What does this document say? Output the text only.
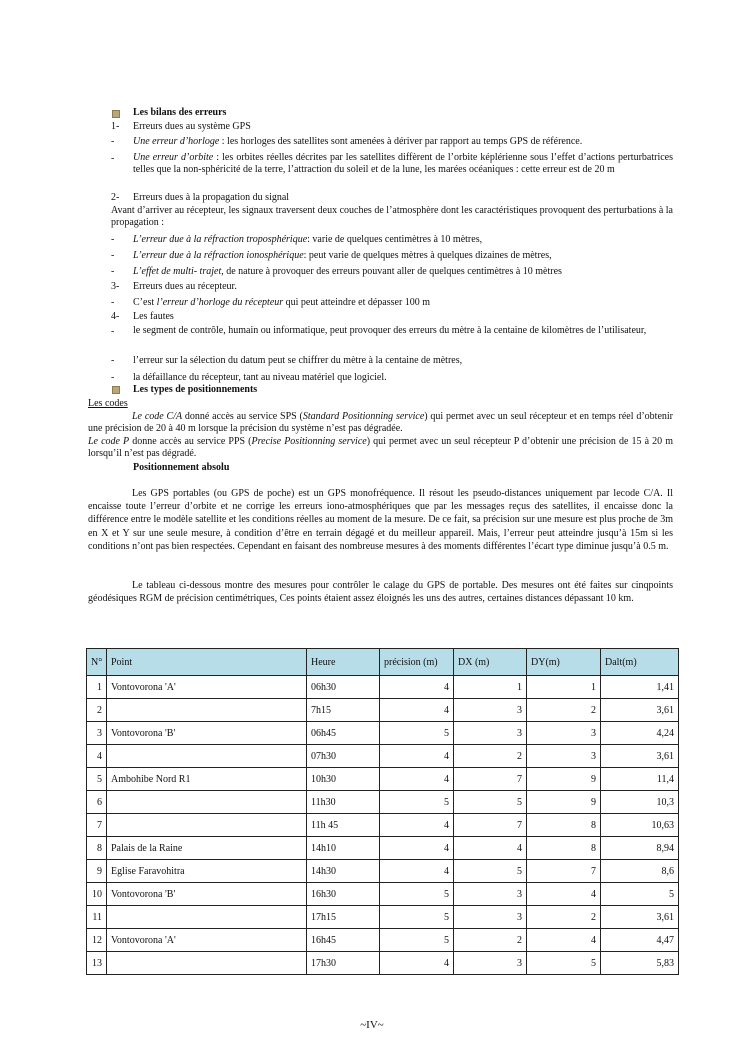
Les bilans des erreurs
1- Erreurs dues au système GPS
- Une erreur d’horloge : les horloges des satellites sont amenées à dériver par rapport au temps GPS de référence.
- Une erreur d’orbite : les orbites réelles décrites par les satellites diffèrent de l’orbite képlérienne sous l’effet d’actions perturbatrices telles que la non-sphéricité de la terre, l’attraction du soleil et de la lune, les marées océaniques : cette erreur est de 20 m
2- Erreurs dues à la propagation du signal
Avant d’arriver au récepteur, les signaux traversent deux couches de l’atmosphère dont les caractéristiques provoquent des perturbations à la propagation :
- L’erreur due à la réfraction troposphérique: varie de quelques centimètres à 10 mètres,
- L’erreur due à la réfraction ionosphérique: peut varie de quelques mètres à quelques dizaines de mètres,
- L’effet de multi- trajet, de nature à provoquer des erreurs pouvant aller de quelques centimètres à 10 mètres
3- Erreurs dues au récepteur.
- C’est l’erreur d’horloge du récepteur qui peut atteindre et dépasser 100 m
4- Les fautes
- le segment de contrôle, humain ou informatique, peut provoquer des erreurs du mètre à la centaine de kilomètres de l’utilisateur,
- l’erreur sur la sélection du datum peut se chiffrer du mètre à la centaine de mètres,
- la défaillance du récepteur, tant au niveau matériel que logiciel.
Les types de positionnements
Les codes
Le code C/A donné accès au service SPS (Standard Positionning service) qui permet avec un seul récepteur et en temps réel d’obtenir une précision de 20 à 40 m lorsque la précision du système n’est pas dégradée.
Le code P donne accès au service PPS (Precise Positionning service) qui permet avec un seul récepteur P d’obtenir une précision de 15 à 20 m lorsqu’il n’est pas dégradé.
Positionnement absolu
Les GPS portables (ou GPS de poche) est un GPS monofréquence. Il résout les pseudo-distances uniquement par lecode C/A. Il encaisse toute l’erreur d’orbite et ne corrige les erreurs iono-atmosphériques que par les messages reçus des satellites, il encaisse donc la différence entre le modèle satellite et les conditions réelles au moment de la mesure. De ce fait, sa précision sur une mesure est plus proche de 3m en X et Y sur une seule mesure, à condition d’être en terrain dégagé et du meilleur appareil. Mais, l’erreur peut atteindre jusqu’à 15m si les conditions n’ont pas bien respectées. Cependant en faisant des nombreuse mesures à des moments différentes l’écart type diminue jusqu’à 0.5 m.
Le tableau ci-dessous montre des mesures pour contrôler le calage du GPS de portable. Des mesures ont été faites sur cinqpoints géodésiques RGM de précision centimétriques, Ces points étaient assez éloignés les uns des autres, certaines distances dépassant 10 km.
N°	Point	Heure	précision (m)	DX (m)	DY(m)	Dalt(m)
1	Vontovorona 'A'	06h30	4	1	1	1,41
2		7h15	4	3	2	3,61
3	Vontovorona 'B'	06h45	5	3	3	4,24
4		07h30	4	2	3	3,61
5	Ambohibe Nord R1	10h30	4	7	9	11,4
6		11h30	5	5	9	10,3
7		11h 45	4	7	8	10,63
8	Palais de la Raine	14h10	4	4	8	8,94
9	Eglise Faravohitra	14h30	4	5	7	8,6
10	Vontovorona 'B'	16h30	5	3	4	5
11		17h15	5	3	2	3,61
12	Vontovorona 'A'	16h45	5	2	4	4,47
13		17h30	4	3	5	5,83
~IV~
